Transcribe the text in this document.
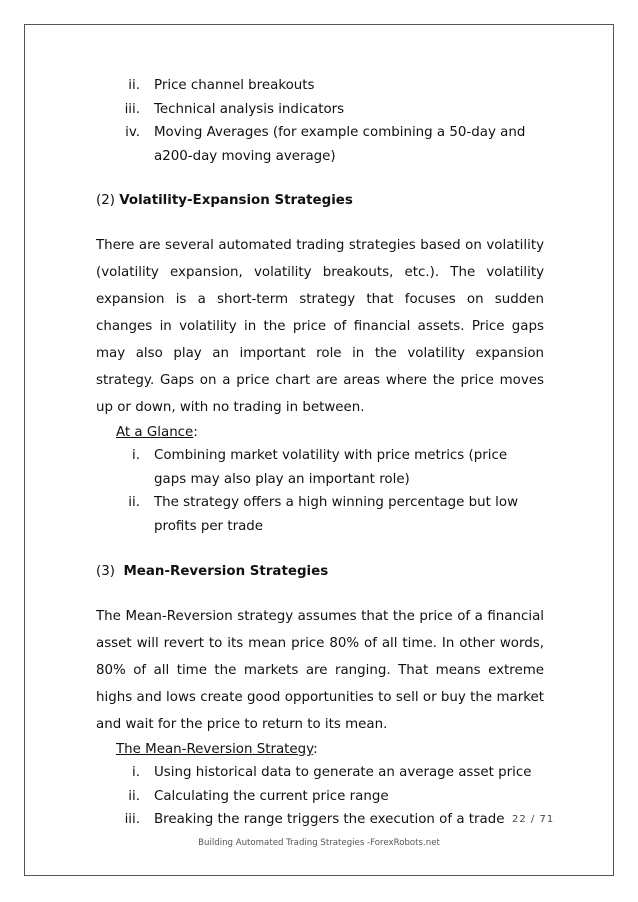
ii. Price channel breakouts
iii. Technical analysis indicators
iv. Moving Averages (for example combining a 50-day and a200-day moving average)
(2) Volatility-Expansion Strategies
There are several automated trading strategies based on volatility (volatility expansion, volatility breakouts, etc.). The volatility expansion is a short-term strategy that focuses on sudden changes in volatility in the price of financial assets. Price gaps may also play an important role in the volatility expansion strategy. Gaps on a price chart are areas where the price moves up or down, with no trading in between.
At a Glance:
i. Combining market volatility with price metrics (price gaps may also play an important role)
ii. The strategy offers a high winning percentage but low profits per trade
(3) Mean-Reversion Strategies
The Mean-Reversion strategy assumes that the price of a financial asset will revert to its mean price 80% of all time. In other words, 80% of all time the markets are ranging. That means extreme highs and lows create good opportunities to sell or buy the market and wait for the price to return to its mean.
The Mean-Reversion Strategy:
i. Using historical data to generate an average asset price
ii. Calculating the current price range
iii. Breaking the range triggers the execution of a trade 22 / 71
Building Automated Trading Strategies -ForexRobots.net
